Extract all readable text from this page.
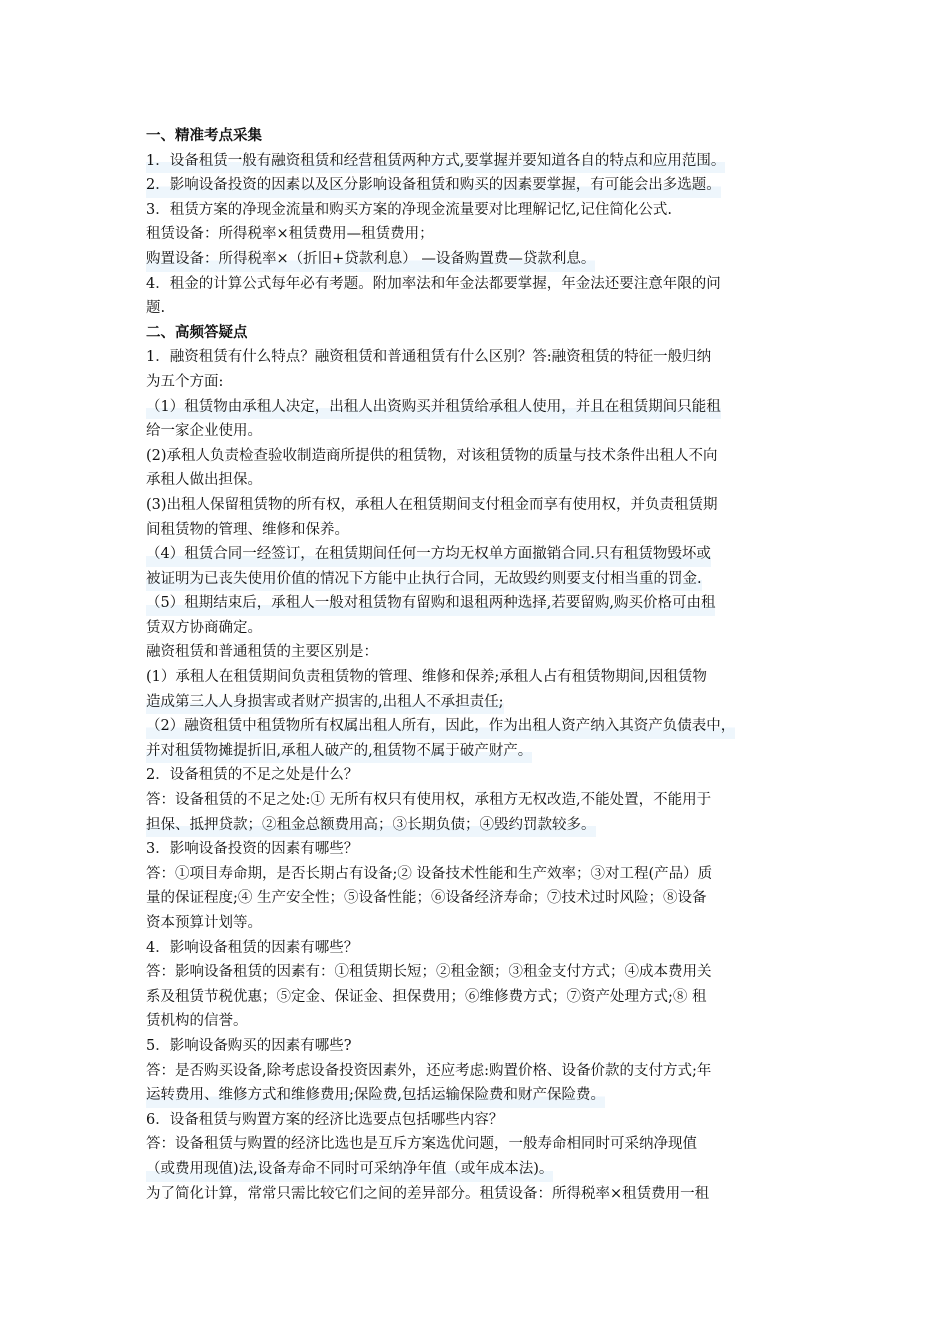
一、精准考点采集
1．设备租赁一般有融资租赁和经营租赁两种方式,要掌握并要知道各自的特点和应用范围。
2．影响设备投资的因素以及区分影响设备租赁和购买的因素要掌握，有可能会出多选题。
3．租赁方案的净现金流量和购买方案的净现金流量要对比理解记忆,记住简化公式.
租赁设备：所得税率×租赁费用—租赁费用；
购置设备：所得税率×（折旧+贷款利息） —设备购置费—贷款利息。
4．租金的计算公式每年必有考题。附加率法和年金法都要掌握，年金法还要注意年限的问
题.
二、高频答疑点
1．融资租赁有什么特点？融资租赁和普通租赁有什么区别？答:融资租赁的特征一般归纳
为五个方面:
（1）租赁物由承租人决定，出租人出资购买并租赁给承租人使用，并且在租赁期间只能租
给一家企业使用。
(2)承租人负责检查验收制造商所提供的租赁物，对该租赁物的质量与技术条件出租人不向
承租人做出担保。
(3)出租人保留租赁物的所有权，承租人在租赁期间支付租金而享有使用权，并负责租赁期
间租赁物的管理、维修和保养。
（4）租赁合同一经签订，在租赁期间任何一方均无权单方面撤销合同.只有租赁物毁坏或
被证明为已丧失使用价值的情况下方能中止执行合同，无故毁约则要支付相当重的罚金.
（5）租期结束后，承租人一般对租赁物有留购和退租两种选择,若要留购,购买价格可由租
赁双方协商确定。
融资租赁和普通租赁的主要区别是：
(1）承租人在租赁期间负责租赁物的管理、维修和保养;承租人占有租赁物期间,因租赁物
造成第三人人身损害或者财产损害的,出租人不承担责任;
（2）融资租赁中租赁物所有权属出租人所有，因此，作为出租人资产纳入其资产负债表中，
并对租赁物摊提折旧,承租人破产的,租赁物不属于破产财产。
2．设备租赁的不足之处是什么？
答：设备租赁的不足之处:① 无所有权只有使用权，承租方无权改造,不能处置，不能用于
担保、抵押贷款；②租金总额费用高；③长期负债；④毁约罚款较多。
3．影响设备投资的因素有哪些？
答：①项目寿命期，是否长期占有设备;② 设备技术性能和生产效率；③对工程(产品）质
量的保证程度;④ 生产安全性；⑤设备性能；⑥设备经济寿命；⑦技术过时风险；⑧设备
资本预算计划等。
4．影响设备租赁的因素有哪些？
答：影响设备租赁的因素有：①租赁期长短；②租金额；③租金支付方式；④成本费用关
系及租赁节税优惠；⑤定金、保证金、担保费用；⑥维修费方式；⑦资产处理方式;⑧ 租
赁机构的信誉。
5．影响设备购买的因素有哪些?
答：是否购买设备,除考虑设备投资因素外，还应考虑:购置价格、设备价款的支付方式;年
运转费用、维修方式和维修费用;保险费,包括运输保险费和财产保险费。
6．设备租赁与购置方案的经济比选要点包括哪些内容？
答：设备租赁与购置的经济比选也是互斥方案选优问题，一般寿命相同时可采纳净现值
（或费用现值)法,设备寿命不同时可采纳净年值（或年成本法)。
为了简化计算，常常只需比较它们之间的差异部分。租赁设备：所得税率×租赁费用一租
